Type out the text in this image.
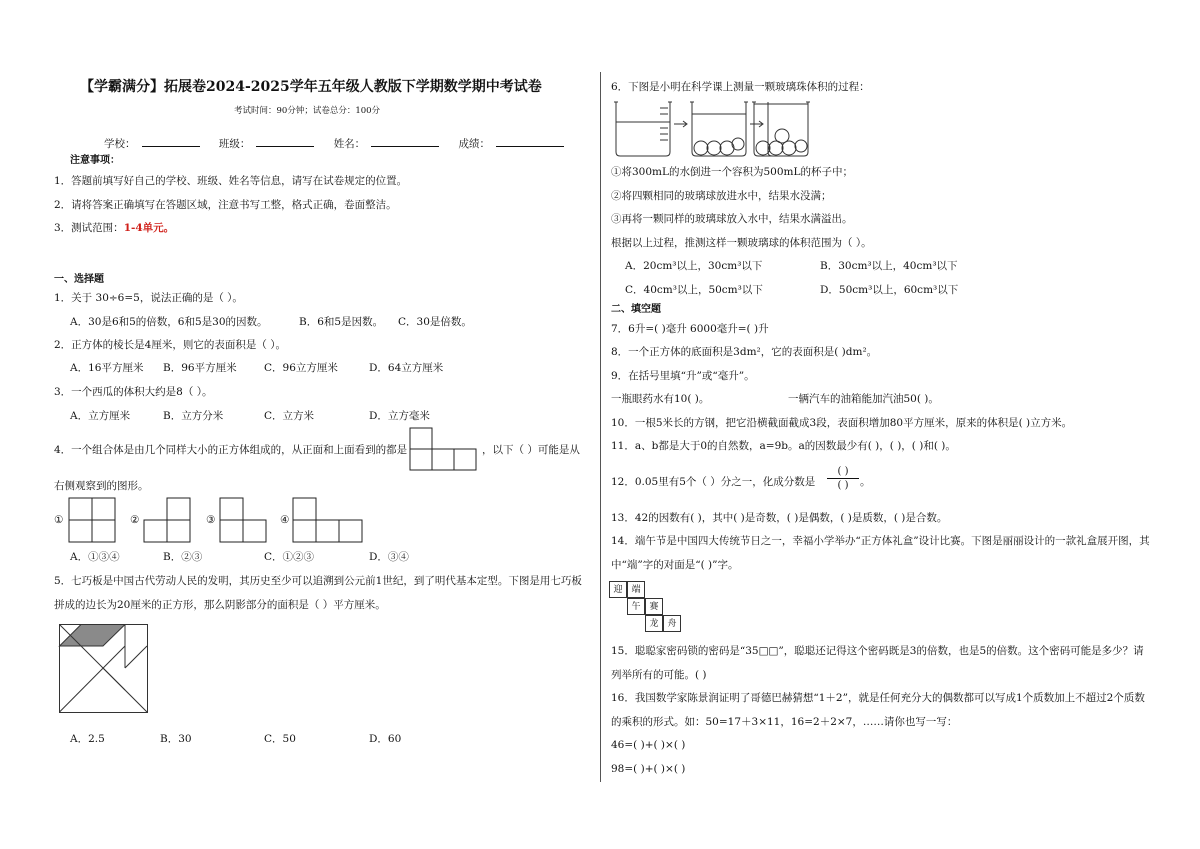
【学霸满分】拓展卷2024-2025学年五年级人教版下学期数学期中考试卷
考试时间：90分钟；试卷总分：100分
学校：	班级：	姓名：	成绩：
注意事项：
1．答题前填写好自己的学校、班级、姓名等信息，请写在试卷规定的位置。
2．请将答案正确填写在答题区域，注意书写工整，格式正确，卷面整洁。
3．测试范围：1-4单元。
一、选择题
1．关于 30÷6=5，说法正确的是（ ）。
A．30是6和5的倍数，6和5是30的因数。	B．6和5是因数。 C．30是倍数。
2．正方体的棱长是4厘米，则它的表面积是（ ）。
A．16平方厘米 B．96平方厘米	C．96立方厘米	D．64立方厘米
3．一个西瓜的体积大约是8（ ）。
A．立方厘米	B．立方分米	C．立方米	D．立方毫米
4．一个组合体是由几个同样大小的正方体组成的，从正面和上面看到的都是	，以下（ ）可能是从
右侧观察到的图形。
①	②	③	④
A．①③④	B．②③	C．①②③	D．③④
5．七巧板是中国古代劳动人民的发明，其历史至少可以追溯到公元前1世纪，到了明代基本定型。下图是用七巧板
拼成的边长为20厘米的正方形，那么阴影部分的面积是（ ）平方厘米。
A．2.5	B．30	C．50	D．60
6．下图是小明在科学课上测量一颗玻璃珠体积的过程：
①将300mL的水倒进一个容积为500mL的杯子中；
②将四颗相同的玻璃球放进水中，结果水没满；
③再将一颗同样的玻璃球放入水中，结果水满溢出。
根据以上过程，推测这样一颗玻璃球的体积范围为（ ）。
A．20cm³以上，30cm³以下	B．30cm³以上，40cm³以下
C．40cm³以上，50cm³以下	D．50cm³以上，60cm³以下
二、填空题
7．6升=( )毫升 6000毫升=( )升
8．一个正方体的底面积是3dm²，它的表面积是( )dm²。
9．在括号里填“升”或“毫升”。
一瓶眼药水有10( )。	一辆汽车的油箱能加汽油50( )。
10．一根5米长的方钢，把它沿横截面截成3段，表面积增加80平方厘米，原来的体积是( )立方米。
11．a、b都是大于0的自然数，a=9b。a的因数最少有( )，( )，( )和( )。
12．0.05里有5个（ ）分之一，化成分数是
( )
( )	。
13．42的因数有( )，其中( )是奇数，( )是偶数，( )是质数，( )是合数。
14．端午节是中国四大传统节日之一，幸福小学举办“正方体礼盒”设计比赛。下图是丽丽设计的一款礼盒展开图，其
中“端”字的对面是“( )”字。
迎 端
午 赛
龙 舟
15．聪聪家密码锁的密码是“35□□”，聪聪还记得这个密码既是3的倍数，也是5的倍数。这个密码可能是多少？请
列举所有的可能。( )
16．我国数学家陈景润证明了哥德巴赫猜想“1＋2”，就是任何充分大的偶数都可以写成1个质数加上不超过2个质数
的乘积的形式。如：50=17＋3×11，16=2＋2×7，……请你也写一写：
46=( )+( )×( )
98=( )+( )×( )
